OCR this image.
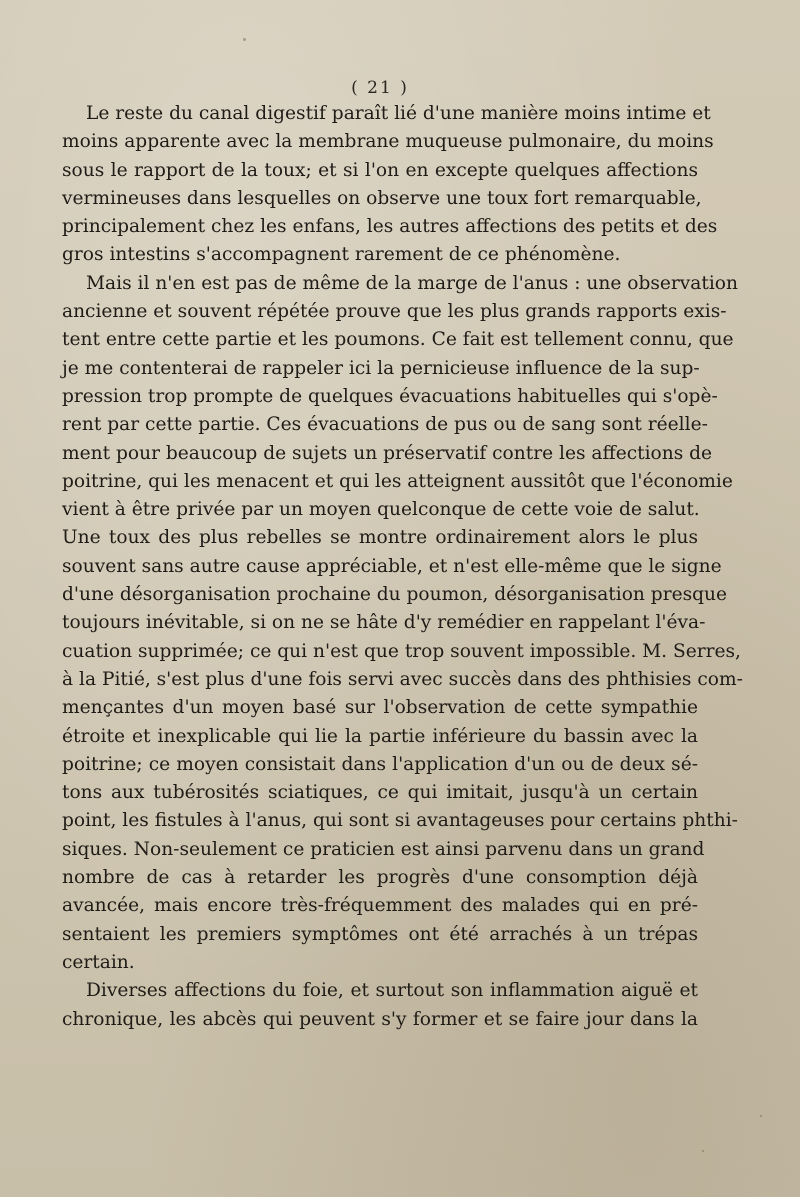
( 21 )
Le reste du canal digestif paraît lié d'une manière moins intime et
moins apparente avec la membrane muqueuse pulmonaire, du moins
sous le rapport de la toux; et si l'on en excepte quelques affections
vermineuses dans lesquelles on observe une toux fort remarquable,
principalement chez les enfans, les autres affections des petits et des
gros intestins s'accompagnent rarement de ce phénomène.
Mais il n'en est pas de même de la marge de l'anus : une observation
ancienne et souvent répétée prouve que les plus grands rapports exis-
tent entre cette partie et les poumons. Ce fait est tellement connu, que
je me contenterai de rappeler ici la pernicieuse influence de la sup-
pression trop prompte de quelques évacuations habituelles qui s'opè-
rent par cette partie. Ces évacuations de pus ou de sang sont réelle-
ment pour beaucoup de sujets un préservatif contre les affections de
poitrine, qui les menacent et qui les atteignent aussitôt que l'économie
vient à être privée par un moyen quelconque de cette voie de salut.
Une toux des plus rebelles se montre ordinairement alors le plus
souvent sans autre cause appréciable, et n'est elle-même que le signe
d'une désorganisation prochaine du poumon, désorganisation presque
toujours inévitable, si on ne se hâte d'y remédier en rappelant l'éva-
cuation supprimée; ce qui n'est que trop souvent impossible. M. Serres,
à la Pitié, s'est plus d'une fois servi avec succès dans des phthisies com-
mençantes d'un moyen basé sur l'observation de cette sympathie
étroite et inexplicable qui lie la partie inférieure du bassin avec la
poitrine; ce moyen consistait dans l'application d'un ou de deux sé-
tons aux tubérosités sciatiques, ce qui imitait, jusqu'à un certain
point, les fistules à l'anus, qui sont si avantageuses pour certains phthi-
siques. Non-seulement ce praticien est ainsi parvenu dans un grand
nombre de cas à retarder les progrès d'une consomption déjà
avancée, mais encore très-fréquemment des malades qui en pré-
sentaient les premiers symptômes ont été arrachés à un trépas
certain.
Diverses affections du foie, et surtout son inflammation aiguë et
chronique, les abcès qui peuvent s'y former et se faire jour dans la
